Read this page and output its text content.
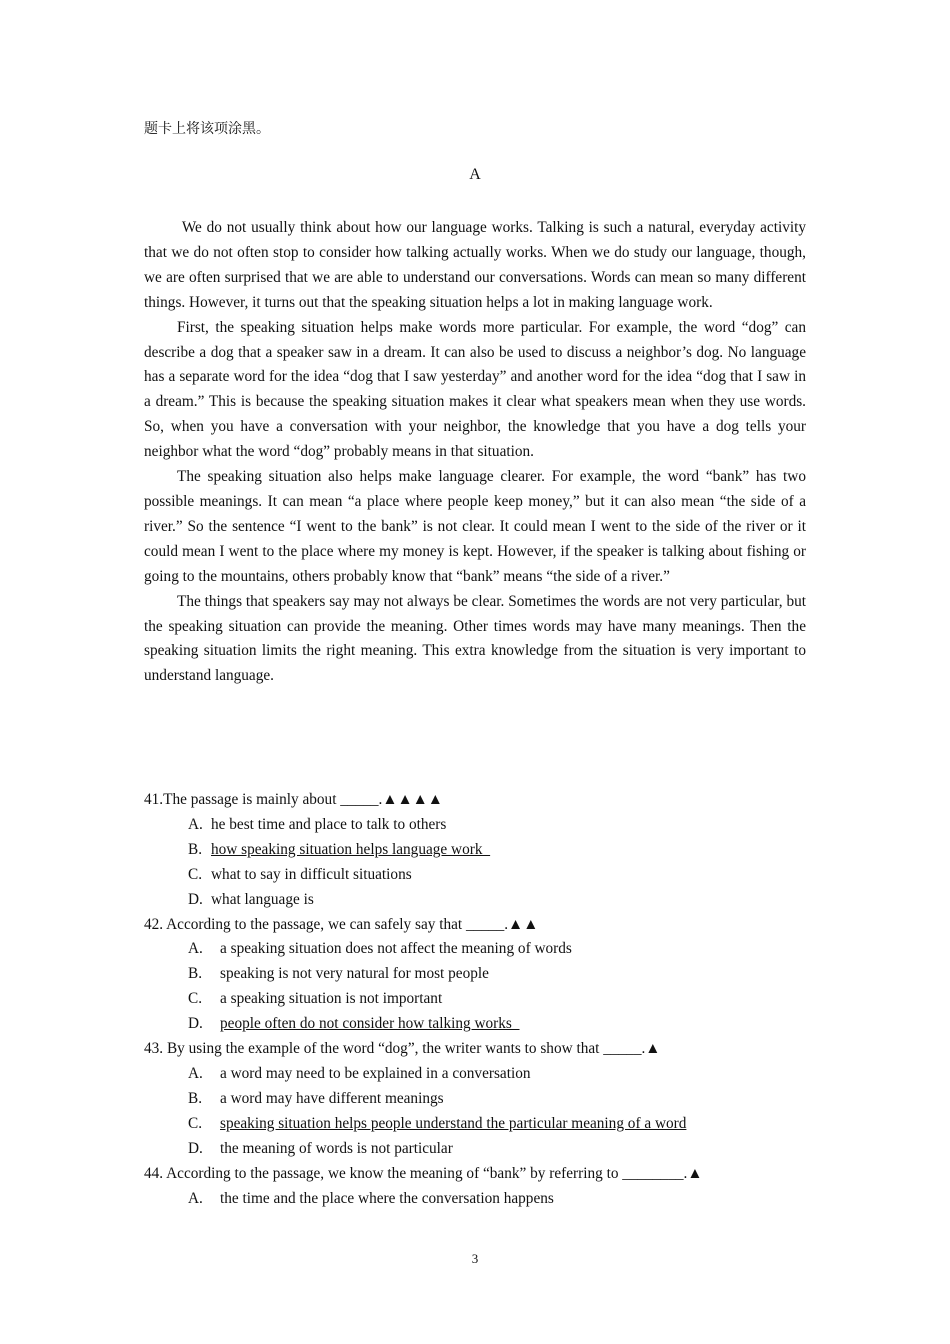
题卡上将该项涂黑。
A

We do not usually think about how our language works. Talking is such a natural, everyday activity that we do not often stop to consider how talking actually works. When we do study our language, though, we are often surprised that we are able to understand our conversations. Words can mean so many different things. However, it turns out that the speaking situation helps a lot in making language work.

First, the speaking situation helps make words more particular. For example, the word “dog” can describe a dog that a speaker saw in a dream. It can also be used to discuss a neighbor’s dog. No language has a separate word for the idea “dog that I saw yesterday” and another word for the idea “dog that I saw in a dream.” This is because the speaking situation makes it clear what speakers mean when they use words. So, when you have a conversation with your neighbor, the knowledge that you have a dog tells your neighbor what the word “dog” probably means in that situation.

The speaking situation also helps make language clearer. For example, the word “bank” has two possible meanings. It can mean “a place where people keep money,” but it can also mean “the side of a river.” So the sentence “I went to the bank” is not clear. It could mean I went to the side of the river or it could mean I went to the place where my money is kept. However, if the speaker is talking about fishing or going to the mountains, others probably know that “bank” means “the side of a river.”

The things that speakers say may not always be clear. Sometimes the words are not very particular, but the speaking situation can provide the meaning. Other times words may have many meanings. Then the speaking situation limits the right meaning. This extra knowledge from the situation is very important to understand language.

41.The passage is mainly about _____.▲▲▲▲
A. he best time and place to talk to others
B. how speaking situation helps language work
C. what to say in difficult situations
D. what language is
42. According to the passage, we can safely say that _____.▲▲
A.	a speaking situation does not affect the meaning of words
B.	speaking is not very natural for most people
C.	a speaking situation is not important
D.	people often do not consider how talking works
43. By using the example of the word “dog”, the writer wants to show that _____.▲
A.	a word may need to be explained in a conversation
B.	a word may have different meanings
C.	speaking situation helps people understand the particular meaning of a word
D.	the meaning of words is not particular
44. According to the passage, we know the meaning of “bank” by referring to ________.▲
A.	the time and the place where the conversation happens
3
